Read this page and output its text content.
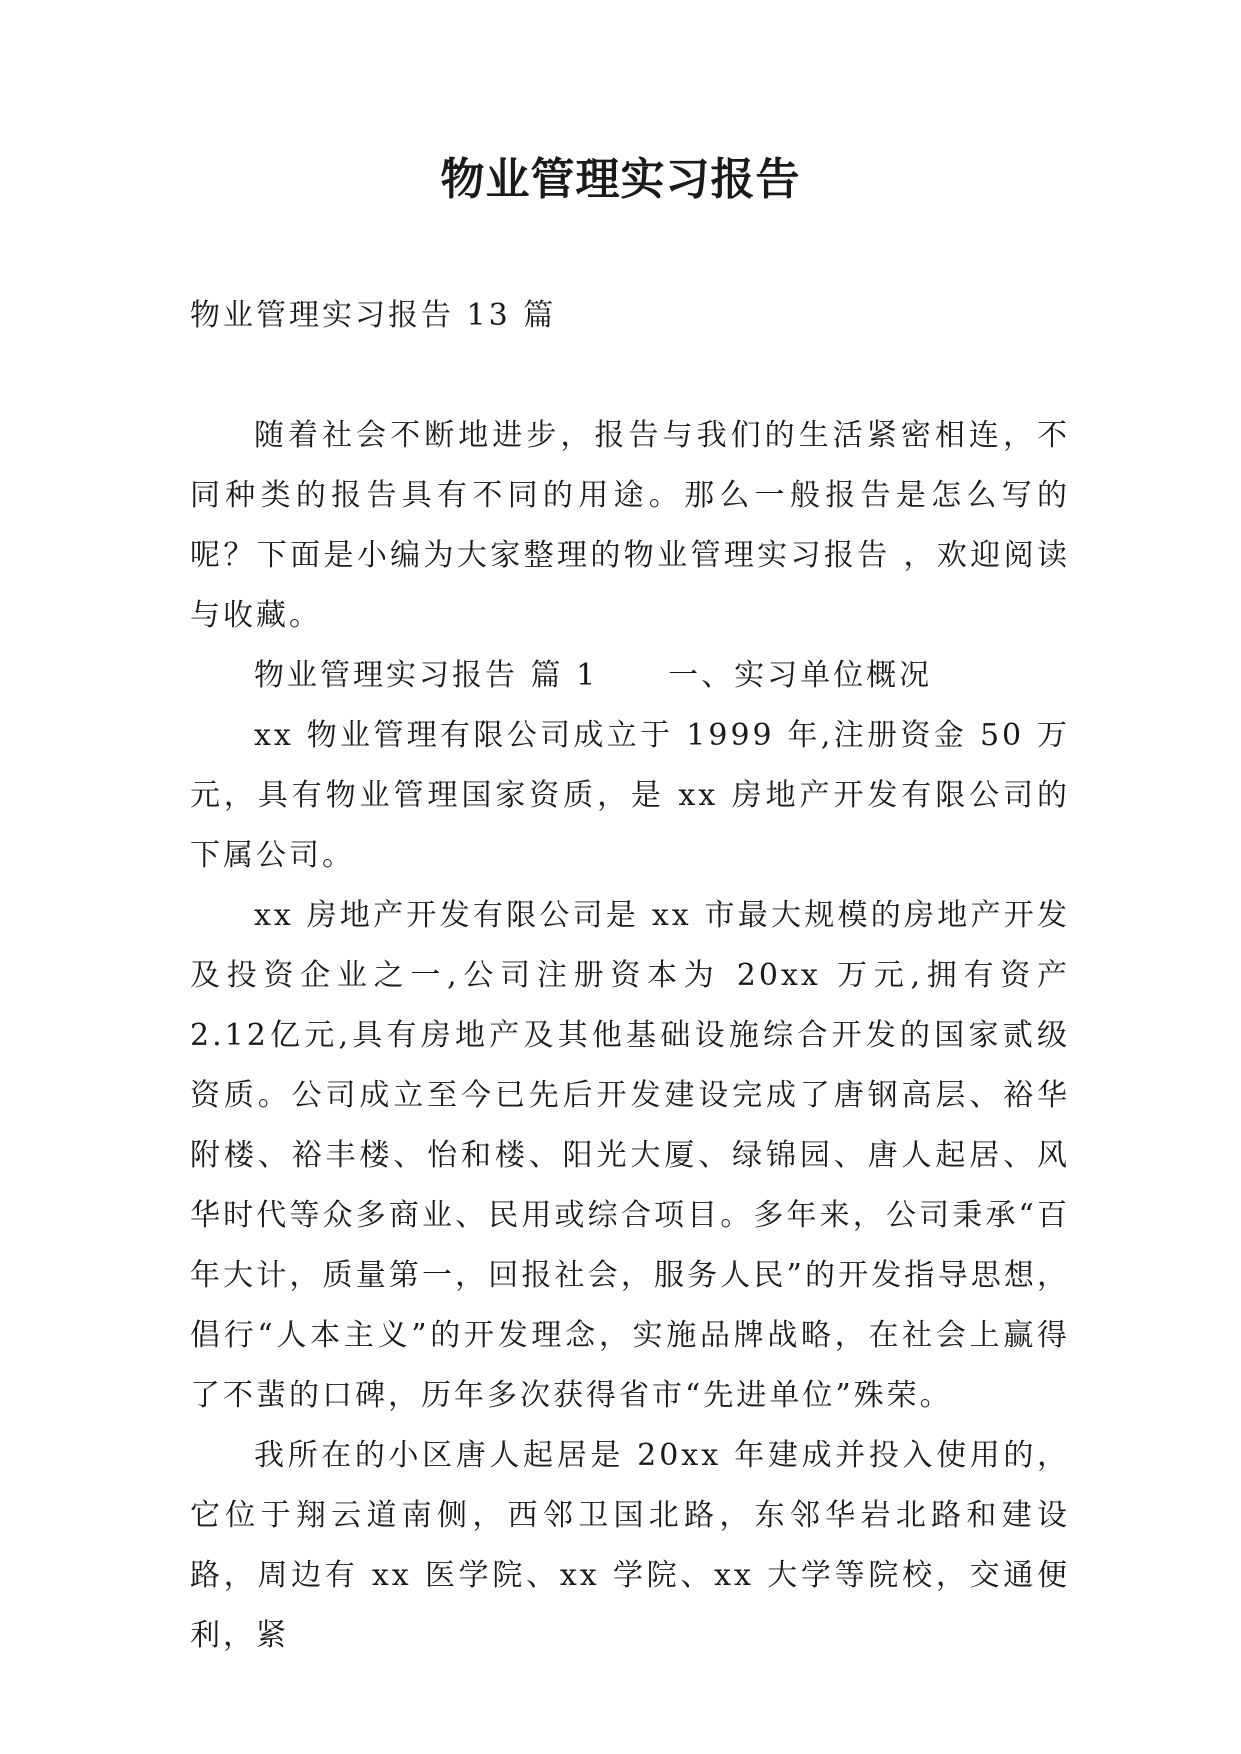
物业管理实习报告

物业管理实习报告 13 篇

随着社会不断地进步，报告与我们的生活紧密相连，不同种类的报告具有不同的用途。那么一般报告是怎么写的呢？下面是小编为大家整理的物业管理实习报告 ，欢迎阅读与收藏。

物业管理实习报告 篇 1 一、实习单位概况

xx 物业管理有限公司成立于 1999 年,注册资金 50 万元，具有物业管理国家资质，是 xx 房地产开发有限公司的下属公司。

xx 房地产开发有限公司是 xx 市最大规模的房地产开发及投资企业之一,公司注册资本为 20xx 万元,拥有资产 2.12亿元,具有房地产及其他基础设施综合开发的国家贰级资质。公司成立至今已先后开发建设完成了唐钢高层、裕华附楼、裕丰楼、怡和楼、阳光大厦、绿锦园、唐人起居、风华时代等众多商业、民用或综合项目。多年来，公司秉承“百年大计，质量第一，回报社会，服务人民”的开发指导思想，倡行“人本主义”的开发理念，实施品牌战略，在社会上赢得了不蜚的口碑，历年多次获得省市“先进单位”殊荣。

我所在的小区唐人起居是 20xx 年建成并投入使用的，它位于翔云道南侧，西邻卫国北路，东邻华岩北路和建设路，周边有 xx 医学院、xx 学院、xx 大学等院校，交通便利，紧
